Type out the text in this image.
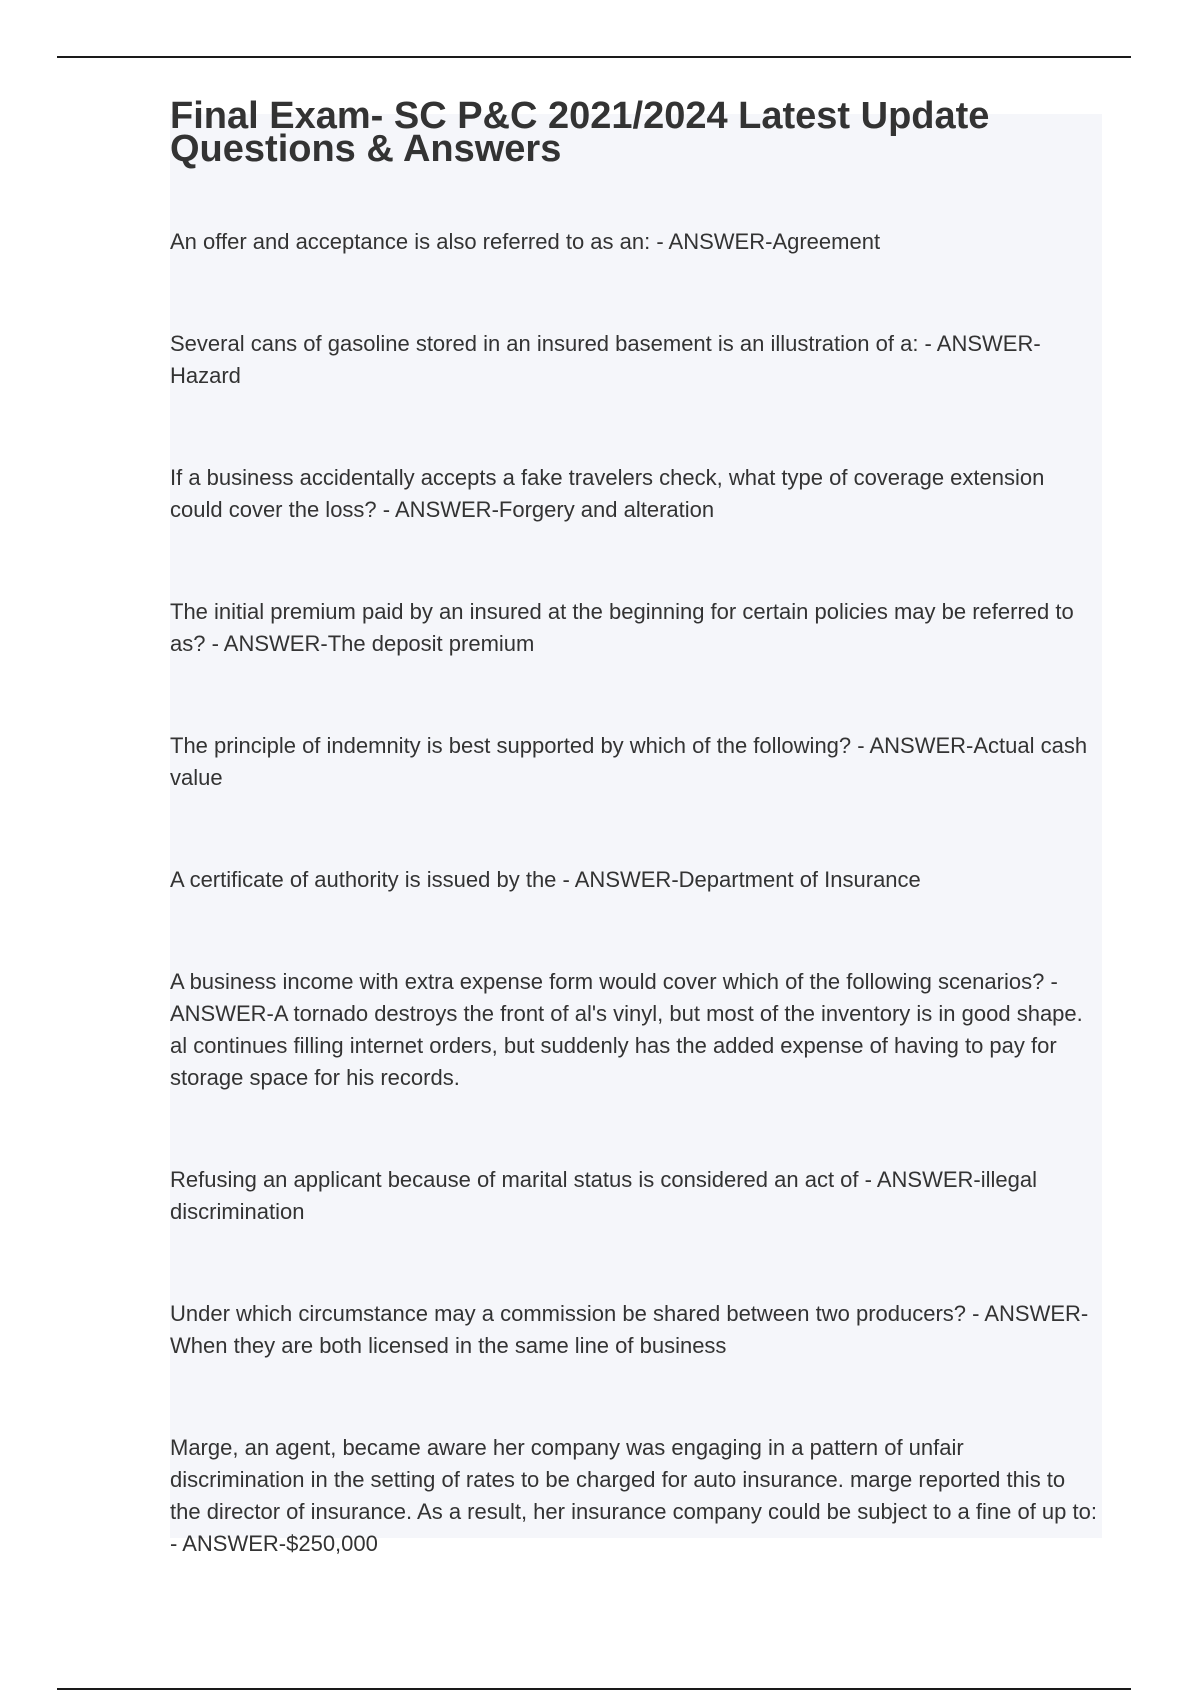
Final Exam- SC P&C 2021/2024 Latest Update Questions & Answers

An offer and acceptance is also referred to as an: - ANSWER-Agreement

Several cans of gasoline stored in an insured basement is an illustration of a: - ANSWER-Hazard

If a business accidentally accepts a fake travelers check, what type of coverage extension could cover the loss? - ANSWER-Forgery and alteration

The initial premium paid by an insured at the beginning for certain policies may be referred to as? - ANSWER-The deposit premium

The principle of indemnity is best supported by which of the following? - ANSWER-Actual cash value

A certificate of authority is issued by the - ANSWER-Department of Insurance

A business income with extra expense form would cover which of the following scenarios? - ANSWER-A tornado destroys the front of al's vinyl, but most of the inventory is in good shape. al continues filling internet orders, but suddenly has the added expense of having to pay for storage space for his records.

Refusing an applicant because of marital status is considered an act of - ANSWER-illegal discrimination

Under which circumstance may a commission be shared between two producers? - ANSWER-When they are both licensed in the same line of business

Marge, an agent, became aware her company was engaging in a pattern of unfair discrimination in the setting of rates to be charged for auto insurance. marge reported this to the director of insurance. As a result, her insurance company could be subject to a fine of up to: - ANSWER-$250,000
